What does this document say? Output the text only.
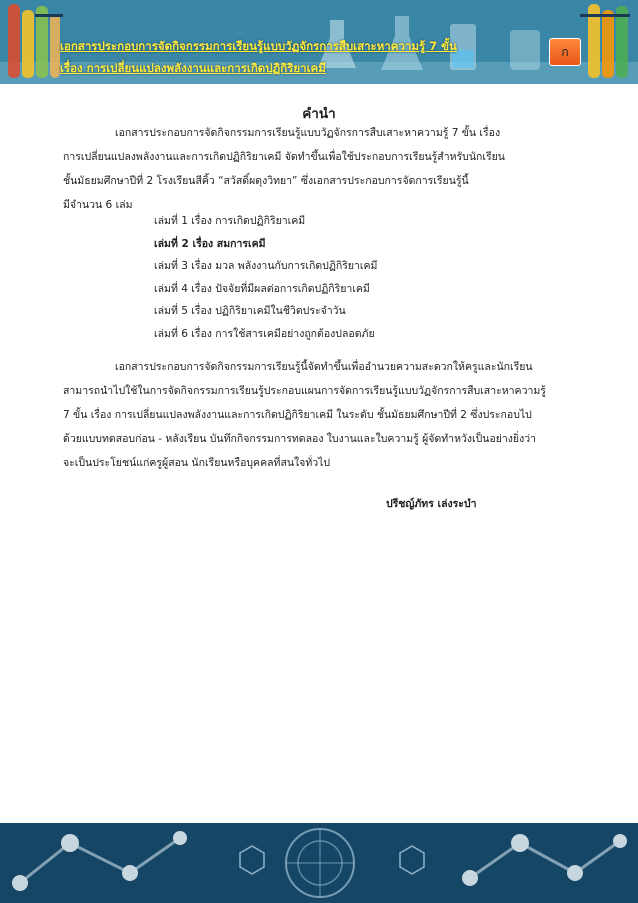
เอกสารประกอบการจัดกิจกรรมการเรียนรู้แบบวัฏจักรการสืบเสาะหาความรู้ 7 ขั้น
เรื่อง การเปลี่ยนแปลงพลังงานและการเกิดปฏิกิริยาเคมี
ก
คำนำ

เอกสารประกอบการจัดกิจกรรมการเรียนรู้แบบวัฏจักรการสืบเสาะหาความรู้ 7 ขั้น เรื่อง
การเปลี่ยนแปลงพลังงานและการเกิดปฏิกิริยาเคมี จัดทำขึ้นเพื่อใช้ประกอบการเรียนรู้สำหรับนักเรียน
ชั้นมัธยมศึกษาปีที่ 2 โรงเรียนสีคิ้ว “สวัสดิ์ผดุงวิทยา” ซึ่งเอกสารประกอบการจัดการเรียนรู้นี้
มีจำนวน 6 เล่ม

เล่มที่ 1 เรื่อง การเกิดปฏิกิริยาเคมี
เล่มที่ 2 เรื่อง สมการเคมี
เล่มที่ 3 เรื่อง มวล พลังงานกับการเกิดปฏิกิริยาเคมี
เล่มที่ 4 เรื่อง ปัจจัยที่มีผลต่อการเกิดปฏิกิริยาเคมี
เล่มที่ 5 เรื่อง ปฏิกิริยาเคมีในชีวิตประจำวัน
เล่มที่ 6 เรื่อง การใช้สารเคมีอย่างถูกต้องปลอดภัย

เอกสารประกอบการจัดกิจกรรมการเรียนรู้นี้จัดทำขึ้นเพื่ออำนวยความสะดวกให้ครูและนักเรียน
สามารถนำไปใช้ในการจัดกิจกรรมการเรียนรู้ประกอบแผนการจัดการเรียนรู้แบบวัฏจักรการสืบเสาะหาความรู้
7 ขั้น เรื่อง การเปลี่ยนแปลงพลังงานและการเกิดปฏิกิริยาเคมี ในระดับ ชั้นมัธยมศึกษาปีที่ 2 ซึ่งประกอบไป
ด้วยแบบทดสอบก่อน - หลังเรียน บันทึกกิจกรรมการทดลอง ใบงานและใบความรู้ ผู้จัดทำหวังเป็นอย่างยิ่งว่า
จะเป็นประโยชน์แก่ครูผู้สอน นักเรียนหรือบุคคลที่สนใจทั่วไป

ปรีชญ์ภัทร เล่งระบำ
